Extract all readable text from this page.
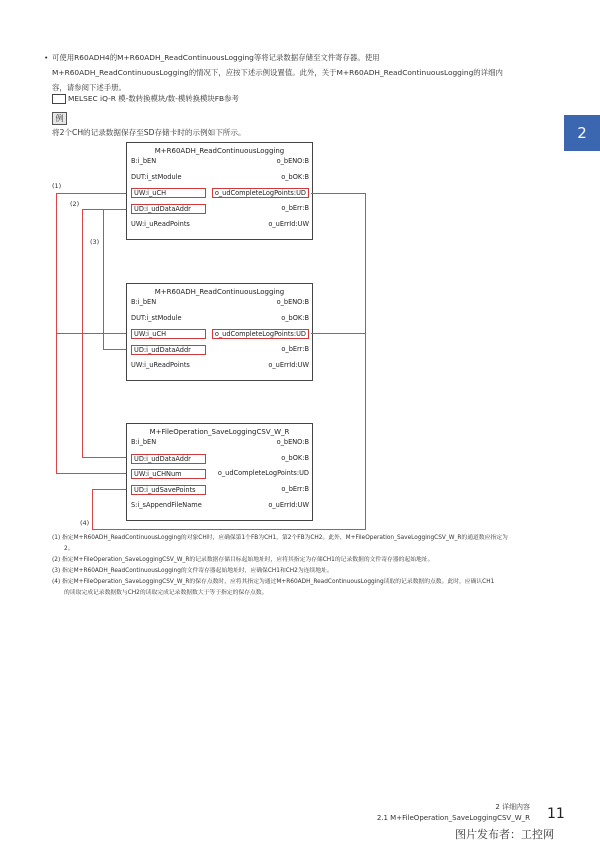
• 可使用R60ADH4的M+R60ADH_ReadContinuousLogging等将记录数据存储至文件寄存器。使用

M+R60ADH_ReadContinuousLogging的情况下，应按下述示例设置值。此外，关于M+R60ADH_ReadContinuousLogging的详细内

容，请参阅下述手册。

MELSEC iQ-R 模-数转换模块/数-模转换模块FB参考
例
将2个CH的记录数据保存至SD存储卡时的示例如下所示。	2
M+R60ADH_ReadContinuousLogging
B:i_bEN
DUT:i_stModule
UW:i_uCH
UD:i_udDataAddr
UW:i_uReadPoints
o_bENO:B
o_bOK:B
o_udCompleteLogPoints:UD
o_bErr:B
o_uErrId:UW
M+R60ADH_ReadContinuousLogging
B:i_bEN
DUT:i_stModule
UW:i_uCH
UD:i_udDataAddr
UW:i_uReadPoints
o_bENO:B
o_bOK:B
o_udCompleteLogPoints:UD
o_bErr:B
o_uErrId:UW
M+FileOperation_SaveLoggingCSV_W_R
B:i_bEN
UD:i_udDataAddr
UW:i_uCHNum
UD:i_udSavePoints
S:i_sAppendFileName
o_bENO:B
o_bOK:B
o_udCompleteLogPoints:UD
o_bErr:B
o_uErrId:UW
(1)
(2)
(3)
(4)

(1) 指定M+R60ADH_ReadContinuousLogging的对象CH时，应确保第1个FB为CH1，第2个FB为CH2。此外，M+FileOperation_SaveLoggingCSV_W_R的通道数应指定为

2。

(2) 指定M+FileOperation_SaveLoggingCSV_W_R的记录数据存储目标起始地址时，应将其指定为存储CH1的记录数据的文件寄存器的起始地址。

(3) 指定M+R60ADH_ReadContinuousLogging的文件寄存器起始地址时，应确保CH1和CH2为连续地址。

(4) 指定M+FileOperation_SaveLoggingCSV_W_R的保存点数时，应将其指定为通过M+R60ADH_ReadContinuousLogging读取的记录数据的点数。此时，应确认CH1

的读取完成记录数据数与CH2的读取完成记录数据数大于等于指定的保存点数。

2 详细内容
2.1 M+FileOperation_SaveLoggingCSV_W_R 11
图片发布者：工控网
